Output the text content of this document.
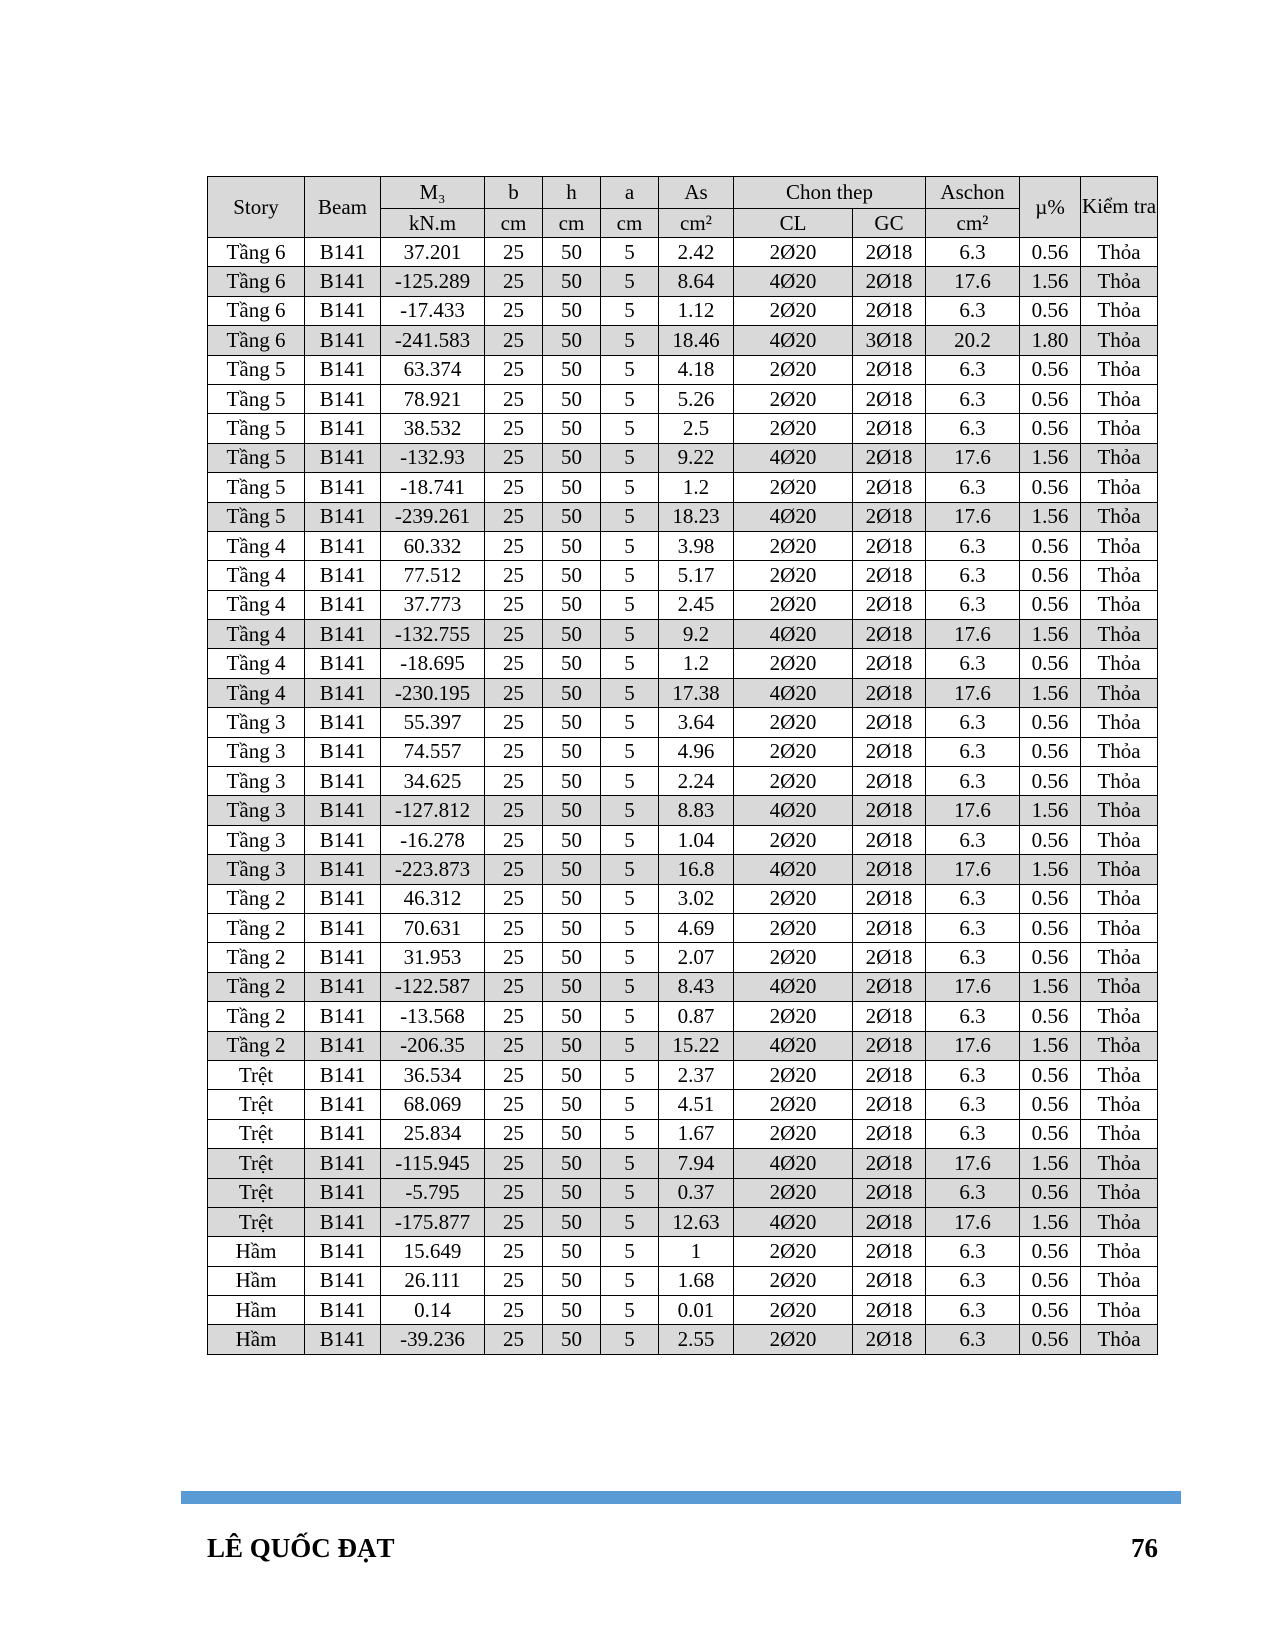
Story	Beam	M₃	b	h	a	As	Chon thep		Aschon	µ%	Kiểm tra
		kN.m	cm	cm	cm	cm²	CL	GC	cm²		
Tầng 6	B141	37.201	25	50	5	2.42	2Ø20	2Ø18	6.3	0.56	Thỏa
Tầng 6	B141	-125.289	25	50	5	8.64	4Ø20	2Ø18	17.6	1.56	Thỏa
Tầng 6	B141	-17.433	25	50	5	1.12	2Ø20	2Ø18	6.3	0.56	Thỏa
Tầng 6	B141	-241.583	25	50	5	18.46	4Ø20	3Ø18	20.2	1.80	Thỏa
Tầng 5	B141	63.374	25	50	5	4.18	2Ø20	2Ø18	6.3	0.56	Thỏa
Tầng 5	B141	78.921	25	50	5	5.26	2Ø20	2Ø18	6.3	0.56	Thỏa
Tầng 5	B141	38.532	25	50	5	2.5	2Ø20	2Ø18	6.3	0.56	Thỏa
Tầng 5	B141	-132.93	25	50	5	9.22	4Ø20	2Ø18	17.6	1.56	Thỏa
Tầng 5	B141	-18.741	25	50	5	1.2	2Ø20	2Ø18	6.3	0.56	Thỏa
Tầng 5	B141	-239.261	25	50	5	18.23	4Ø20	2Ø18	17.6	1.56	Thỏa
Tầng 4	B141	60.332	25	50	5	3.98	2Ø20	2Ø18	6.3	0.56	Thỏa
Tầng 4	B141	77.512	25	50	5	5.17	2Ø20	2Ø18	6.3	0.56	Thỏa
Tầng 4	B141	37.773	25	50	5	2.45	2Ø20	2Ø18	6.3	0.56	Thỏa
Tầng 4	B141	-132.755	25	50	5	9.2	4Ø20	2Ø18	17.6	1.56	Thỏa
Tầng 4	B141	-18.695	25	50	5	1.2	2Ø20	2Ø18	6.3	0.56	Thỏa
Tầng 4	B141	-230.195	25	50	5	17.38	4Ø20	2Ø18	17.6	1.56	Thỏa
Tầng 3	B141	55.397	25	50	5	3.64	2Ø20	2Ø18	6.3	0.56	Thỏa
Tầng 3	B141	74.557	25	50	5	4.96	2Ø20	2Ø18	6.3	0.56	Thỏa
Tầng 3	B141	34.625	25	50	5	2.24	2Ø20	2Ø18	6.3	0.56	Thỏa
Tầng 3	B141	-127.812	25	50	5	8.83	4Ø20	2Ø18	17.6	1.56	Thỏa
Tầng 3	B141	-16.278	25	50	5	1.04	2Ø20	2Ø18	6.3	0.56	Thỏa
Tầng 3	B141	-223.873	25	50	5	16.8	4Ø20	2Ø18	17.6	1.56	Thỏa
Tầng 2	B141	46.312	25	50	5	3.02	2Ø20	2Ø18	6.3	0.56	Thỏa
Tầng 2	B141	70.631	25	50	5	4.69	2Ø20	2Ø18	6.3	0.56	Thỏa
Tầng 2	B141	31.953	25	50	5	2.07	2Ø20	2Ø18	6.3	0.56	Thỏa
Tầng 2	B141	-122.587	25	50	5	8.43	4Ø20	2Ø18	17.6	1.56	Thỏa
Tầng 2	B141	-13.568	25	50	5	0.87	2Ø20	2Ø18	6.3	0.56	Thỏa
Tầng 2	B141	-206.35	25	50	5	15.22	4Ø20	2Ø18	17.6	1.56	Thỏa
Trệt	B141	36.534	25	50	5	2.37	2Ø20	2Ø18	6.3	0.56	Thỏa
Trệt	B141	68.069	25	50	5	4.51	2Ø20	2Ø18	6.3	0.56	Thỏa
Trệt	B141	25.834	25	50	5	1.67	2Ø20	2Ø18	6.3	0.56	Thỏa
Trệt	B141	-115.945	25	50	5	7.94	4Ø20	2Ø18	17.6	1.56	Thỏa
Trệt	B141	-5.795	25	50	5	0.37	2Ø20	2Ø18	6.3	0.56	Thỏa
Trệt	B141	-175.877	25	50	5	12.63	4Ø20	2Ø18	17.6	1.56	Thỏa
Hầm	B141	15.649	25	50	5	1	2Ø20	2Ø18	6.3	0.56	Thỏa
Hầm	B141	26.111	25	50	5	1.68	2Ø20	2Ø18	6.3	0.56	Thỏa
Hầm	B141	0.14	25	50	5	0.01	2Ø20	2Ø18	6.3	0.56	Thỏa
Hầm	B141	-39.236	25	50	5	2.55	2Ø20	2Ø18	6.3	0.56	Thỏa
LÊ QUỐC ĐẠT	76
